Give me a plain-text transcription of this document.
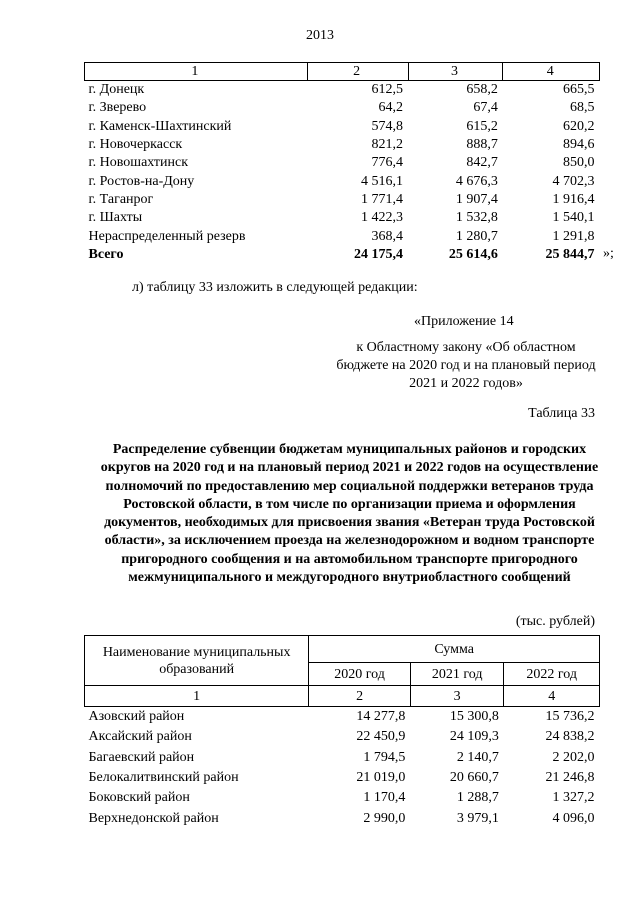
2013
1	2	3	4
г. Донецк	612,5	658,2	665,5
г. Зверево	64,2	67,4	68,5
г. Каменск-Шахтинский	574,8	615,2	620,2
г. Новочеркасск	821,2	888,7	894,6
г. Новошахтинск	776,4	842,7	850,0
г. Ростов-на-Дону	4 516,1	4 676,3	4 702,3
г. Таганрог	1 771,4	1 907,4	1 916,4
г. Шахты	1 422,3	1 532,8	1 540,1
Нераспределенный резерв	368,4	1 280,7	1 291,8
Всего	24 175,4	25 614,6	25 844,7 »;
л) таблицу 33 изложить в следующей редакции:
«Приложение 14
к Областному закону «Об областном бюджете на 2020 год и на плановый период 2021 и 2022 годов»
Таблица 33
Распределение субвенции бюджетам муниципальных районов и городских округов на 2020 год и на плановый период 2021 и 2022 годов на осуществление полномочий по предоставлению мер социальной поддержки ветеранов труда Ростовской области, в том числе по организации приема и оформления документов, необходимых для присвоения звания «Ветеран труда Ростовской области», за исключением проезда на железнодорожном и водном транспорте пригородного сообщения и на автомобильном транспорте пригородного межмуниципального и междугородного внутриобластного сообщений
(тыс. рублей)
Наименование муниципальных образований	Сумма		
	2020 год	2021 год	2022 год
1	2	3	4
Азовский район	14 277,8	15 300,8	15 736,2
Аксайский район	22 450,9	24 109,3	24 838,2
Багаевский район	1 794,5	2 140,7	2 202,0
Белокалитвинский район	21 019,0	20 660,7	21 246,8
Боковский район	1 170,4	1 288,7	1 327,2
Верхнедонской район	2 990,0	3 979,1	4 096,0
